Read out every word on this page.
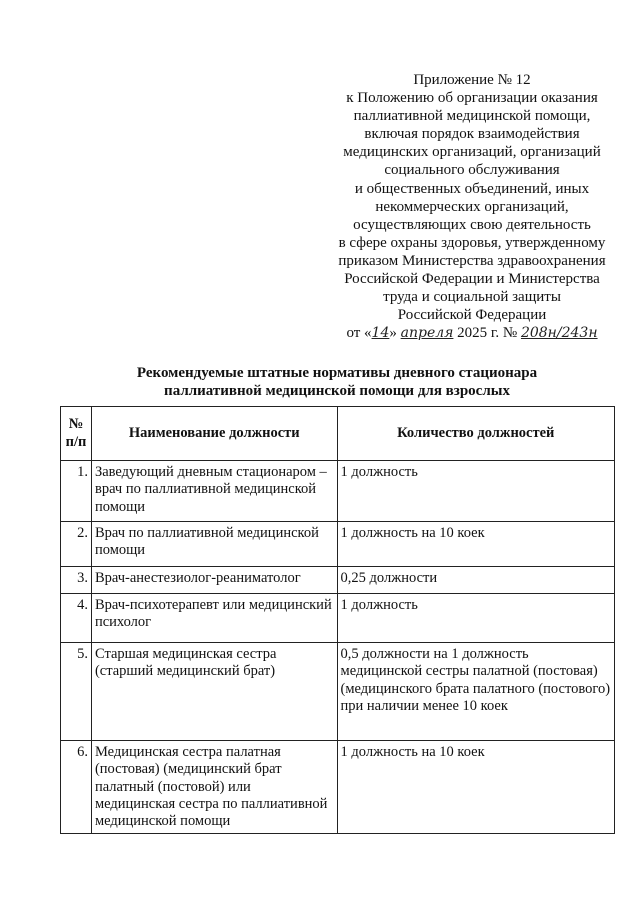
Приложение № 12
к Положению об организации оказания
паллиативной медицинской помощи,
включая порядок взаимодействия
медицинских организаций, организаций
социального обслуживания
и общественных объединений, иных
некоммерческих организаций,
осуществляющих свою деятельность
в сфере охраны здоровья, утвержденному
приказом Министерства здравоохранения
Российской Федерации и Министерства
труда и социальной защиты
Российской Федерации
от «14» апреля 2025 г. № 208н/243н
Рекомендуемые штатные нормативы дневного стационара
паллиативной медицинской помощи для взрослых
№ п/п	Наименование должности	Количество должностей
1.	Заведующий дневным стационаром – врач по паллиативной медицинской помощи	1 должность
2.	Врач по паллиативной медицинской помощи	1 должность на 10 коек
3.	Врач-анестезиолог-реаниматолог	0,25 должности
4.	Врач-психотерапевт или медицинский психолог	1 должность
5.	Старшая медицинская сестра (старший медицинский брат)	0,5 должности на 1 должность медицинской сестры палатной (постовая) (медицинского брата палатного (постового) при наличии менее 10 коек
6.	Медицинская сестра палатная (постовая) (медицинский брат палатный (постовой) или медицинская сестра по паллиативной медицинской помощи	1 должность на 10 коек
